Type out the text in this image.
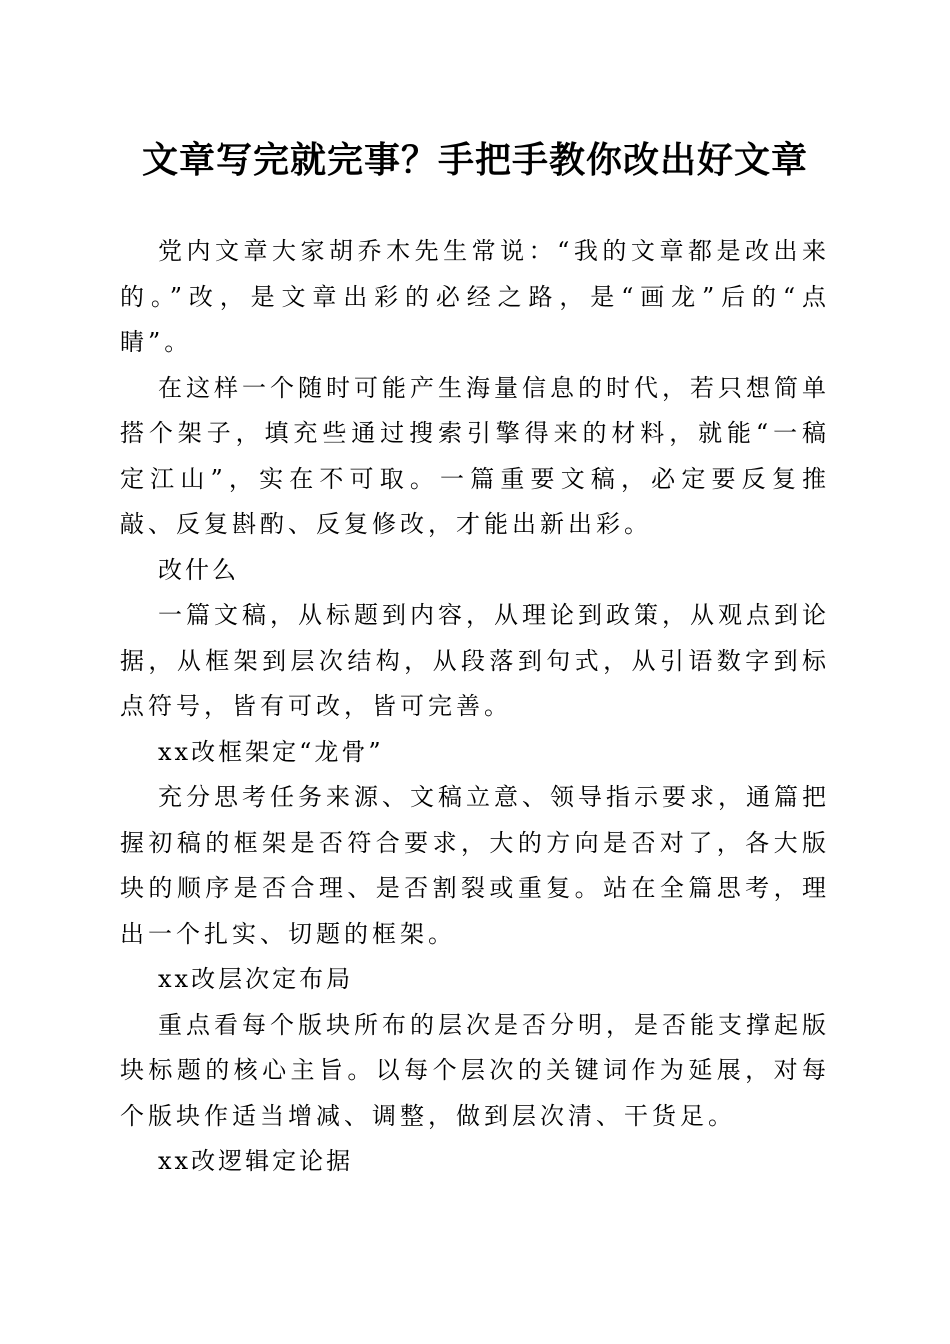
文章写完就完事？手把手教你改出好文章

党内文章大家胡乔木先生常说：“我的文章都是改出来的。”改，是文章出彩的必经之路，是“画龙”后的“点睛”。

在这样一个随时可能产生海量信息的时代，若只想简单搭个架子，填充些通过搜索引擎得来的材料，就能“一稿定江山”，实在不可取。一篇重要文稿，必定要反复推敲、反复斟酌、反复修改，才能出新出彩。

改什么

一篇文稿，从标题到内容，从理论到政策，从观点到论据，从框架到层次结构，从段落到句式，从引语数字到标点符号，皆有可改，皆可完善。

xx改框架定“龙骨”

充分思考任务来源、文稿立意、领导指示要求，通篇把握初稿的框架是否符合要求，大的方向是否对了，各大版块的顺序是否合理、是否割裂或重复。站在全篇思考，理出一个扎实、切题的框架。

xx改层次定布局

重点看每个版块所布的层次是否分明，是否能支撑起版块标题的核心主旨。以每个层次的关键词作为延展，对每个版块作适当增减、调整，做到层次清、干货足。

xx改逻辑定论据
